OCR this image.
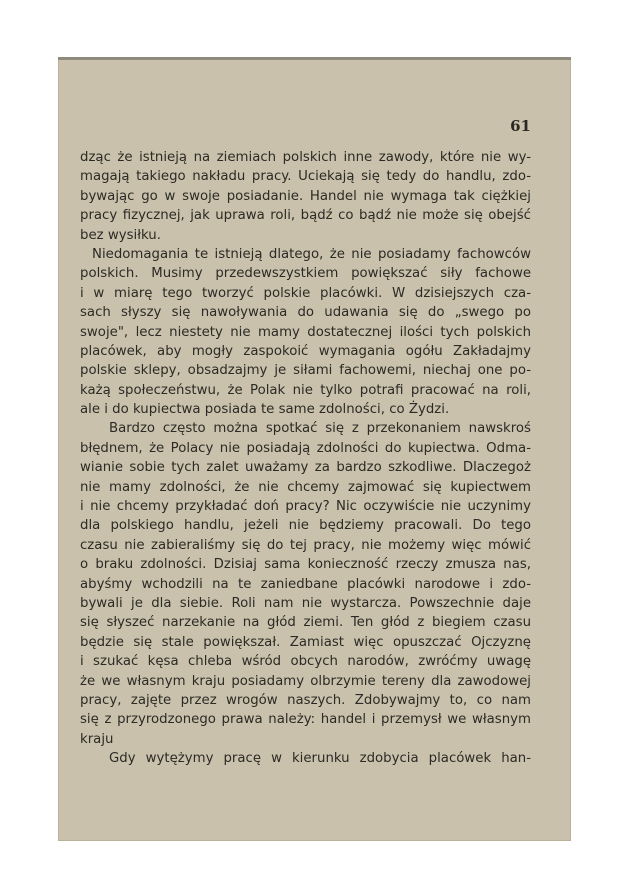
61
dząc że istnieją na ziemiach polskich inne zawody, które nie wy-
magają takiego nakładu pracy. Uciekają się tedy do handlu, zdo-
bywając go w swoje posiadanie. Handel nie wymaga tak ciężkiej
pracy fizycznej, jak uprawa roli, bądź co bądź nie może się obejść
bez wysiłku.
Niedomagania te istnieją dlatego, że nie posiadamy fachowców
polskich. Musimy przedewszystkiem powiększać siły fachowe
i w miarę tego tworzyć polskie placówki. W dzisiejszych cza-
sach słyszy się nawoływania do udawania się do „swego po
swoje", lecz niestety nie mamy dostatecznej ilości tych polskich
placówek, aby mogły zaspokoić wymagania ogółu Zakładajmy
polskie sklepy, obsadzajmy je siłami fachowemi, niechaj one po-
każą społeczeństwu, że Polak nie tylko potrafi pracować na roli,
ale i do kupiectwa posiada te same zdolności, co Żydzi.
Bardzo często można spotkać się z przekonaniem nawskroś
błędnem, że Polacy nie posiadają zdolności do kupiectwa. Odma-
wianie sobie tych zalet uważamy za bardzo szkodliwe. Dlaczegoż
nie mamy zdolności, że nie chcemy zajmować się kupiectwem
i nie chcemy przykładać doń pracy? Nic oczywiście nie uczynimy
dla polskiego handlu, jeżeli nie będziemy pracowali. Do tego
czasu nie zabieraliśmy się do tej pracy, nie możemy więc mówić
o braku zdolności. Dzisiaj sama konieczność rzeczy zmusza nas,
abyśmy wchodzili na te zaniedbane placówki narodowe i zdo-
bywali je dla siebie. Roli nam nie wystarcza. Powszechnie daje
się słyszeć narzekanie na głód ziemi. Ten głód z biegiem czasu
będzie się stale powiększał. Zamiast więc opuszczać Ojczyznę
i szukać kęsa chleba wśród obcych narodów, zwróćmy uwagę
że we własnym kraju posiadamy olbrzymie tereny dla zawodowej
pracy, zajęte przez wrogów naszych. Zdobywajmy to, co nam
się z przyrodzonego prawa należy: handel i przemysł we własnym
kraju
Gdy wytężymy pracę w kierunku zdobycia placówek han-
